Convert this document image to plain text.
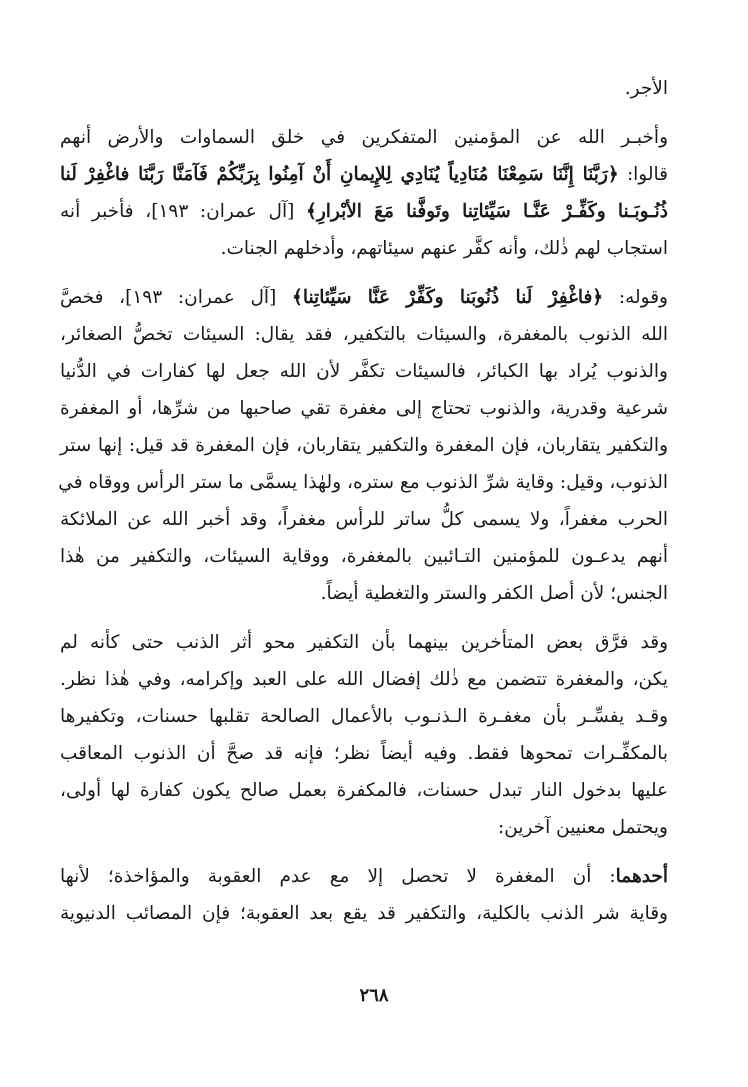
الأجر.
وأخبـر الله عن المؤمنين المتفكرين في خلق السماوات والأرض أنهم
قالوا: ﴿رَبَّنَا إِنَّنَا سَمِعْنَا مُنَادِياً يُنَادِي لِلإِيمانِ أَنْ آمِنُوا بِرَبِّكُمْ فَآمَنَّا رَبَّنَا فاغْفِرْ لَنا
ذُنُـوبَـنا وكَفِّـرْ عَنَّـا سَيِّئاتِنا وتَوفَّنا مَعَ الأبْرارِ﴾ [آل عمران: ١٩٣]، فأخبر أنه
استجاب لهم ذٰلك، وأنه كفَّر عنهم سيئاتهم، وأدخلهم الجنات.
وقوله: ﴿فاغْفِرْ لَنا ذُنُوبَنا وكَفِّرْ عَنَّا سَيِّئاتِنا﴾ [آل عمران: ١٩٣]، فخصَّ
الله الذنوب بالمغفرة، والسيئات بالتكفير، فقد يقال: السيئات تخصُّ الصغائر،
والذنوب يُراد بها الكبائر، فالسيئات تكفَّر لأن الله جعل لها كفارات في الدُّنيا
شرعية وقدرية، والذنوب تحتاج إلى مغفرة تقي صاحبها من شرِّها، أو المغفرة
والتكفير يتقاربان، فإن المغفرة والتكفير يتقاربان، فإن المغفرة قد قيل: إنها ستر
الذنوب، وقيل: وقاية شرِّ الذنوب مع ستره، ولهٰذا يسمَّى ما ستر الرأس ووقاه في
الحرب مغفراً، ولا يسمى كلُّ ساتر للرأس مغفراً، وقد أخبر الله عن الملائكة
أنهم يدعـون للمؤمنين التـائبين بالمغفرة، ووقاية السيئات، والتكفير من هٰذا
الجنس؛ لأن أصل الكفر والستر والتغطية أيضاً.
وقد فرَّق بعض المتأخرين بينهما بأن التكفير محو أثر الذنب حتى كأنه لم
يكن، والمغفرة تتضمن مع ذٰلك إفضال الله على العبد وإكرامه، وفي هٰذا نظر.
وقـد يفسِّـر بأن مغفـرة الـذنـوب بالأعمال الصالحة تقلبها حسنات، وتكفيرها
بالمكفِّـرات تمحوها فقط. وفيه أيضاً نظر؛ فإنه قد صحَّ أن الذنوب المعاقب
عليها بدخول النار تبدل حسنات، فالمكفرة بعمل صالح يكون كفارة لها أولى،
ويحتمل معنيين آخرين:
أحدهما: أن المغفرة لا تحصل إلا مع عدم العقوبة والمؤاخذة؛ لأنها
وقاية شر الذنب بالكلية، والتكفير قد يقع بعد العقوبة؛ فإن المصائب الدنيوية
٢٦٨
